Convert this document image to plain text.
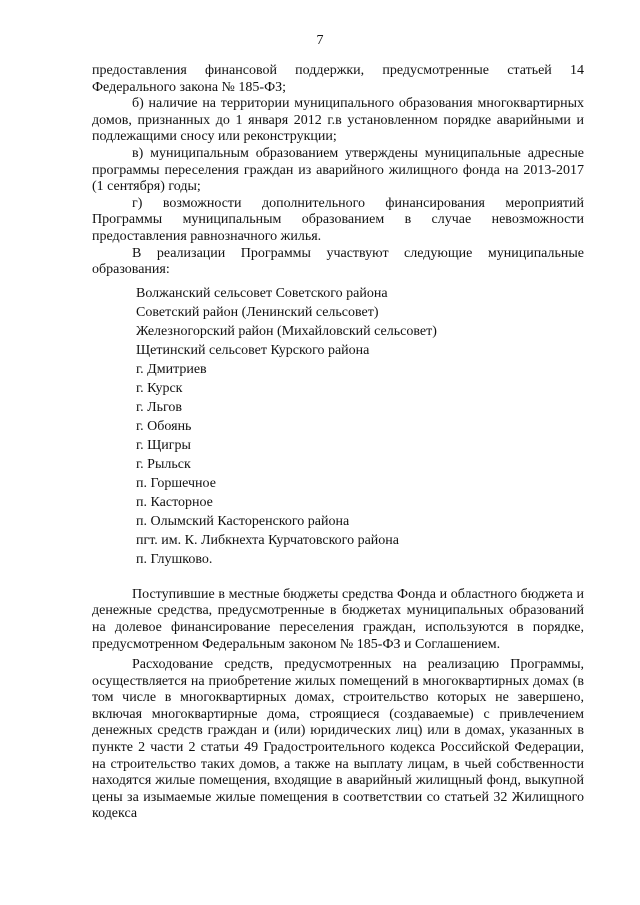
7

предоставления финансовой поддержки, предусмотренные статьей 14 Федерального закона № 185-ФЗ;

б) наличие на территории муниципального образования многоквартирных домов, признанных до 1 января 2012 г.в установленном порядке аварийными и подлежащими сносу или реконструкции;

в) муниципальным образованием утверждены муниципальные адресные программы переселения граждан из аварийного жилищного фонда на 2013-2017 (1 сентября) годы;

г) возможности дополнительного финансирования мероприятий Программы муниципальным образованием в случае невозможности предоставления равнозначного жилья.

В реализации Программы участвуют следующие муниципальные образования:

Волжанский сельсовет Советского района
Советский район (Ленинский сельсовет)
Железногорский район (Михайловский сельсовет)
Щетинский сельсовет Курского района
г. Дмитриев
г. Курск
г. Льгов
г. Обоянь
г. Щигры
г. Рыльск
п. Горшечное
п. Касторное
п. Олымский Касторенского района
пгт. им. К. Либкнехта Курчатовского района
п. Глушково.

Поступившие в местные бюджеты средства Фонда и областного бюджета и денежные средства, предусмотренные в бюджетах муниципальных образований на долевое финансирование переселения граждан, используются в порядке, предусмотренном Федеральным законом № 185-ФЗ и Соглашением.

Расходование средств, предусмотренных на реализацию Программы, осуществляется на приобретение жилых помещений в многоквартирных домах (в том числе в многоквартирных домах, строительство которых не завершено, включая многоквартирные дома, строящиеся (создаваемые) с привлечением денежных средств граждан и (или) юридических лиц) или в домах, указанных в пункте 2 части 2 статьи 49 Градостроительного кодекса Российской Федерации, на строительство таких домов, а также на выплату лицам, в чьей собственности находятся жилые помещения, входящие в аварийный жилищный фонд, выкупной цены за изымаемые жилые помещения в соответствии со статьей 32 Жилищного кодекса
